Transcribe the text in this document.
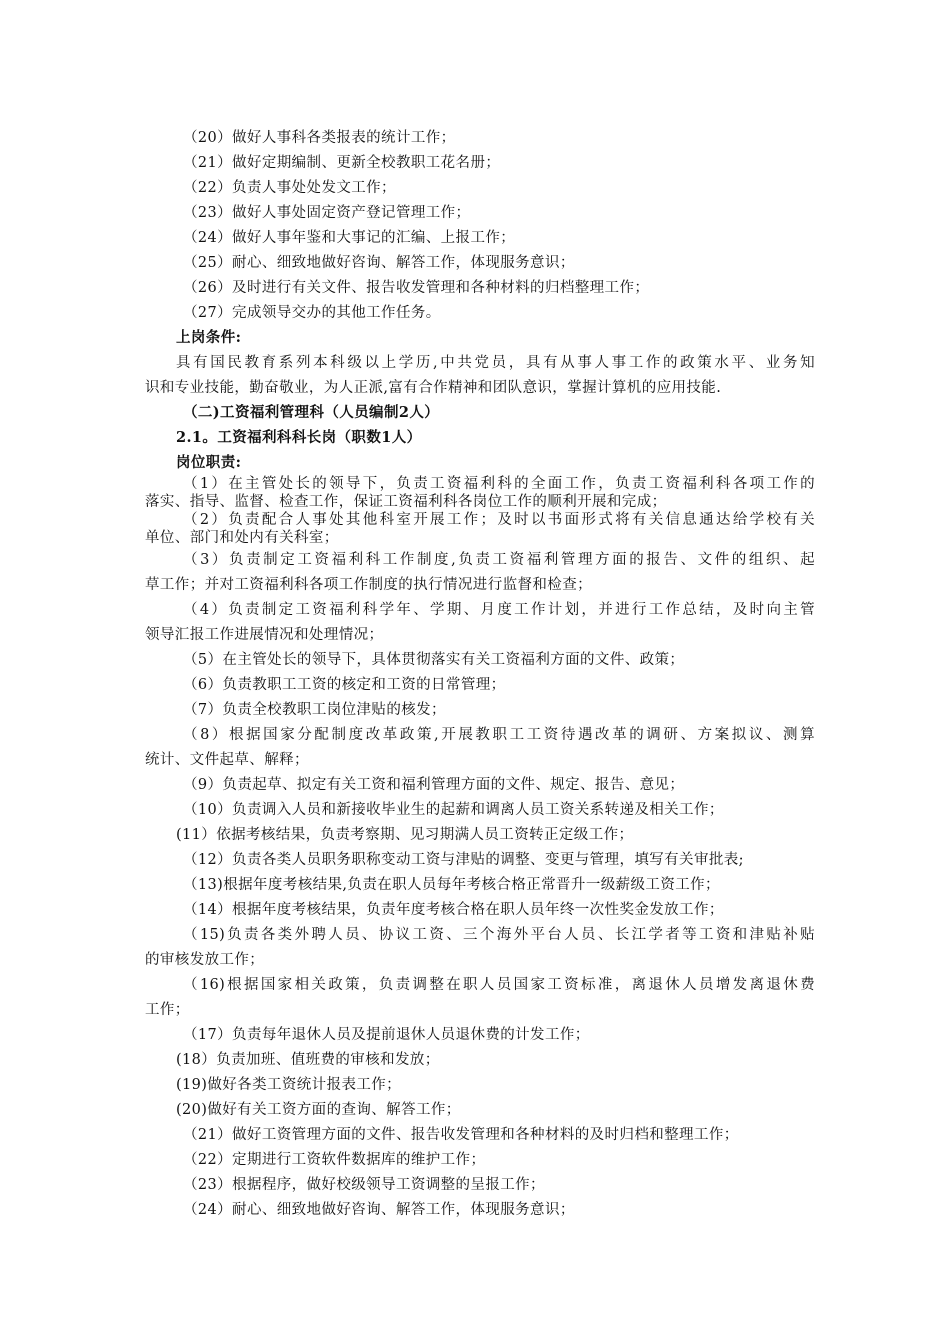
（20）做好人事科各类报表的统计工作；
（21）做好定期编制、更新全校教职工花名册；
（22）负责人事处处发文工作；
（23）做好人事处固定资产登记管理工作；
（24）做好人事年鉴和大事记的汇编、上报工作；
（25）耐心、细致地做好咨询、解答工作，体现服务意识；
（26）及时进行有关文件、报告收发管理和各种材料的归档整理工作；
（27）完成领导交办的其他工作任务。
上岗条件:
具有国民教育系列本科级以上学历,中共党员，具有从事人事工作的政策水平、业务知
识和专业技能，勤奋敬业，为人正派,富有合作精神和团队意识，掌握计算机的应用技能.
（二)工资福利管理科（人员编制2人）
2.1。工资福利科科长岗（职数1人）
岗位职责:
（1）在主管处长的领导下，负责工资福利科的全面工作，负责工资福利科各项工作的
落实、指导、监督、检查工作，保证工资福利科各岗位工作的顺利开展和完成；
（2）负责配合人事处其他科室开展工作；及时以书面形式将有关信息通达给学校有关
单位、部门和处内有关科室；
（3）负责制定工资福利科工作制度,负责工资福利管理方面的报告、文件的组织、起
草工作；并对工资福利科各项工作制度的执行情况进行监督和检查；
（4）负责制定工资福利科学年、学期、月度工作计划，并进行工作总结，及时向主管
领导汇报工作进展情况和处理情况；
（5）在主管处长的领导下，具体贯彻落实有关工资福利方面的文件、政策；
（6）负责教职工工资的核定和工资的日常管理；
（7）负责全校教职工岗位津贴的核发；
（8）根据国家分配制度改革政策,开展教职工工资待遇改革的调研、方案拟议、测算
统计、文件起草、解释；
（9）负责起草、拟定有关工资和福利管理方面的文件、规定、报告、意见；
（10）负责调入人员和新接收毕业生的起薪和调离人员工资关系转递及相关工作；
(11）依据考核结果，负责考察期、见习期满人员工资转正定级工作；
（12）负责各类人员职务职称变动工资与津贴的调整、变更与管理，填写有关审批表;
（13)根据年度考核结果,负责在职人员每年考核合格正常晋升一级薪级工资工作；
（14）根据年度考核结果，负责年度考核合格在职人员年终一次性奖金发放工作；
（15)负责各类外聘人员、协议工资、三个海外平台人员、长江学者等工资和津贴补贴
的审核发放工作；
（16)根据国家相关政策，负责调整在职人员国家工资标准，离退休人员增发离退休费
工作；
（17）负责每年退休人员及提前退休人员退休费的计发工作；
(18）负责加班、值班费的审核和发放；
(19)做好各类工资统计报表工作；
(20)做好有关工资方面的查询、解答工作；
（21）做好工资管理方面的文件、报告收发管理和各种材料的及时归档和整理工作；
（22）定期进行工资软件数据库的维护工作；
（23）根据程序，做好校级领导工资调整的呈报工作；
（24）耐心、细致地做好咨询、解答工作，体现服务意识；
